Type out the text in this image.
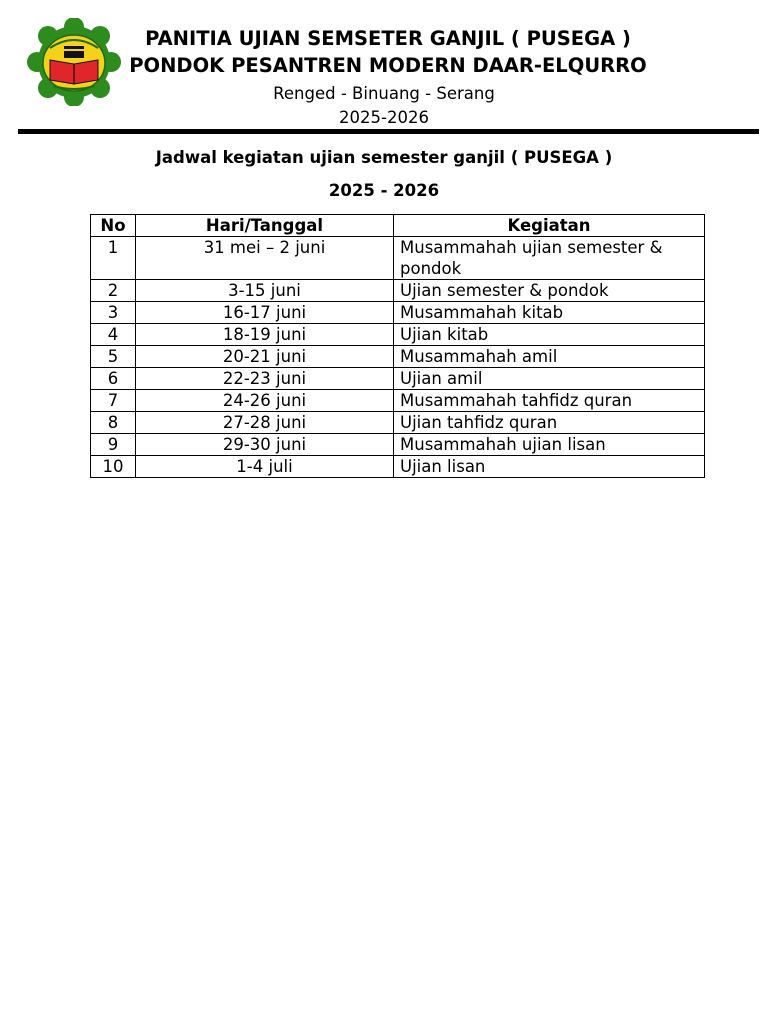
PANITIA UJIAN SEMSETER GANJIL ( PUSEGA )
PONDOK PESANTREN MODERN DAAR-ELQURRO
Renged - Binuang - Serang
2025-2026
Jadwal kegiatan ujian semester ganjil ( PUSEGA )
2025 - 2026
No	Hari/Tanggal	Kegiatan
1	31 mei – 2 juni	Musammahah ujian semester & pondok
2	3-15 juni	Ujian semester & pondok
3	16-17 juni	Musammahah kitab
4	18-19 juni	Ujian kitab
5	20-21 juni	Musammahah amil
6	22-23 juni	Ujian amil
7	24-26 juni	Musammahah tahfidz quran
8	27-28 juni	Ujian tahfidz quran
9	29-30 juni	Musammahah ujian lisan
10	1-4 juli	Ujian lisan
